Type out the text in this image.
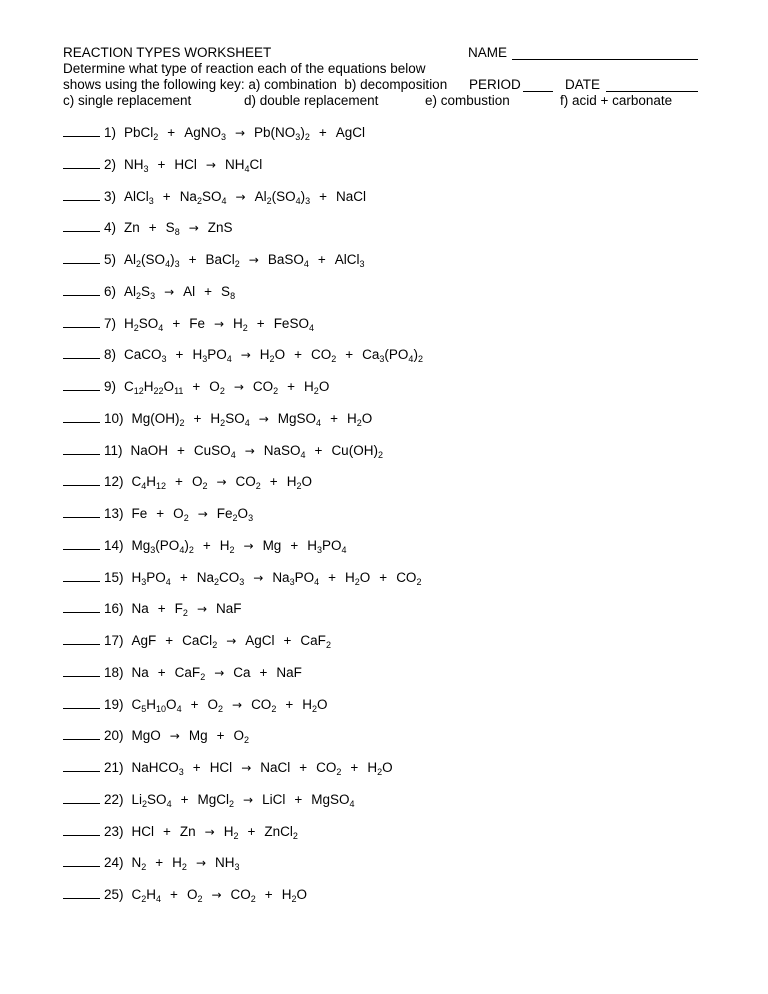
REACTION TYPES WORKSHEET	NAME
Determine what type of reaction each of the equations below
shows using the following key: a) combination  b) decomposition PERIOD	DATE
c) single replacement	d) double replacement	e) combustion	f) acid + carbonate
1) PbCl$_2$ + AgNO$_3$ → $Pb(NO_3)_2$ + AgCl
2) $NH_3$ + HCl → $NH_4Cl$
3) AlCl$_3$ + $Na_2SO_4 \to Al_2(SO_4)_3$ + NaCl
4) $Zn + S_8$ → ZnS
5) $Al_2(SO_4)_3$ + BaCl$_2$ → BaSO$_4$ + AlCl$_3$
6) $Al_2S_3 \to Al + S_8$
7) $H_2SO_4 + Fe \to H_2$ + FeSO$_4$
8) CaCO$_3$ + $H_3PO_4 \to H_2O + CO_2 + Ca_3(PO_4)_2$
9) $C_{12}H_{22}O_{11} + O_2 \to CO_2 + H_2O$
10) $Mg(OH)_2 + H_2SO_4$ → MgSO$_4$ + $H_2O$
11) NaOH + CuSO$_4$ → NaSO$_4$ + $Cu(OH)_2$
12) $C_4H_{12} + O_2 \to CO_2 + H_2O$
13) $Fe + O_2 \to Fe_2O_3$
14) $Mg_3(PO_4)_2 + H_2 \to Mg + H_3PO_4$
15) $H_3PO_4 + Na_2CO_3 \to Na_3PO_4 + H_2O + CO_2$
16) $Na + F_2$ → NaF
17) AgF + CaCl$_2$ → AgCl + CaF$_2$
18) Na + CaF$_2$ → Ca + NaF
19) $C_5H_{10}O_4 + O_2 \to CO_2 + H_2O$
20) MgO → $Mg + O_2$
21) NaHCO$_3$ + HCl → NaCl + $CO_2 + H_2O$
22) $Li_2SO_4$ + MgCl$_2$ → LiCl + MgSO$_4$
23) HCl + $Zn \to H_2$ + ZnCl$_2$
24) $N_2 + H_2 \to NH_3$
25) $C_2H_4 + O_2 \to CO_2 + H_2O$
